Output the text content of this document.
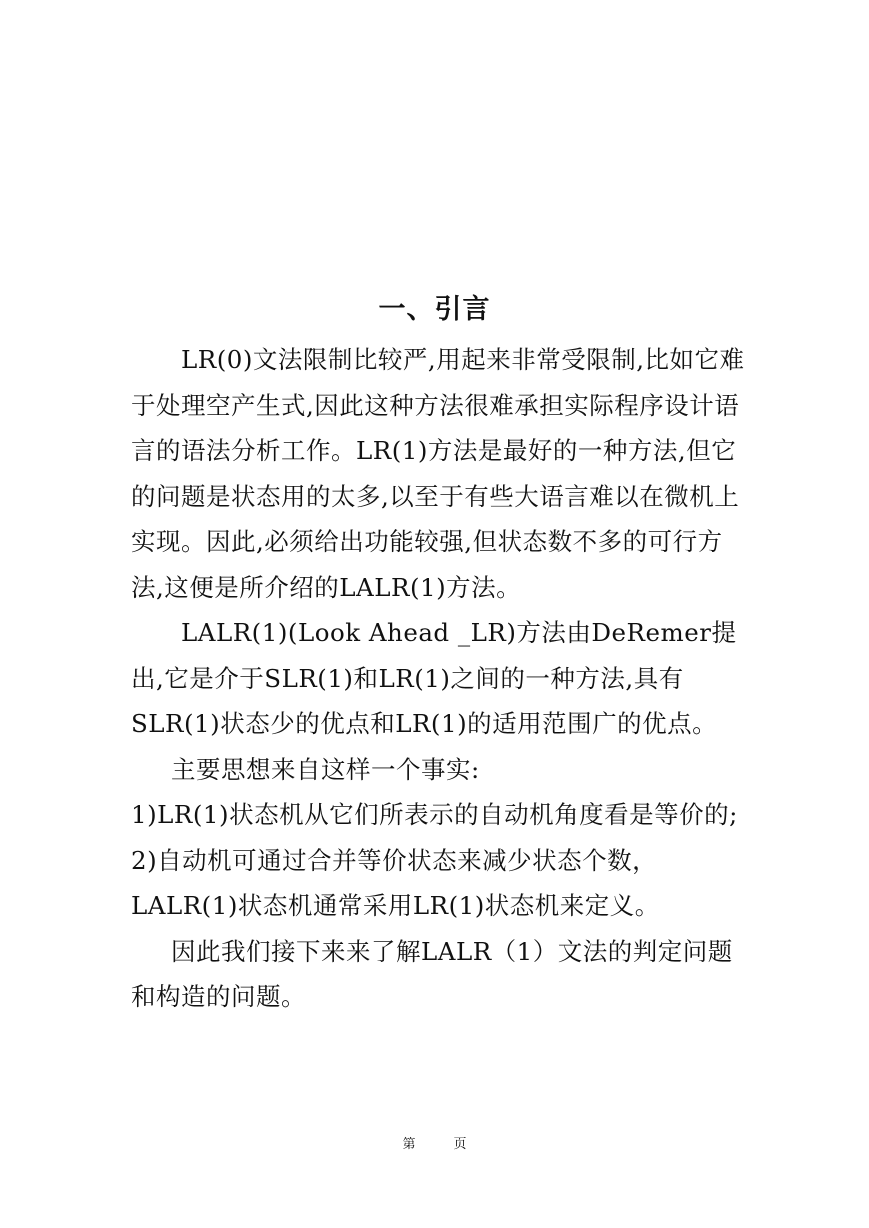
一、引言

LR(0)文法限制比较严,用起来非常受限制,比如它难于处理空产生式,因此这种方法很难承担实际程序设计语言的语法分析工作。LR(1)方法是最好的一种方法,但它的问题是状态用的太多,以至于有些大语言难以在微机上实现。因此,必须给出功能较强,但状态数不多的可行方法,这便是所介绍的LALR(1)方法。

LALR(1)(Look Ahead _LR)方法由DeRemer提出,它是介于SLR(1)和LR(1)之间的一种方法,具有SLR(1)状态少的优点和LR(1)的适用范围广的优点。

主要思想来自这样一个事实:

1)LR(1)状态机从它们所表示的自动机角度看是等价的;

2)自动机可通过合并等价状态来减少状态个数，LALR(1)状态机通常采用LR(1)状态机来定义。

因此我们接下来来了解LALR（1）文法的判定问题和构造的问题。

第	页
